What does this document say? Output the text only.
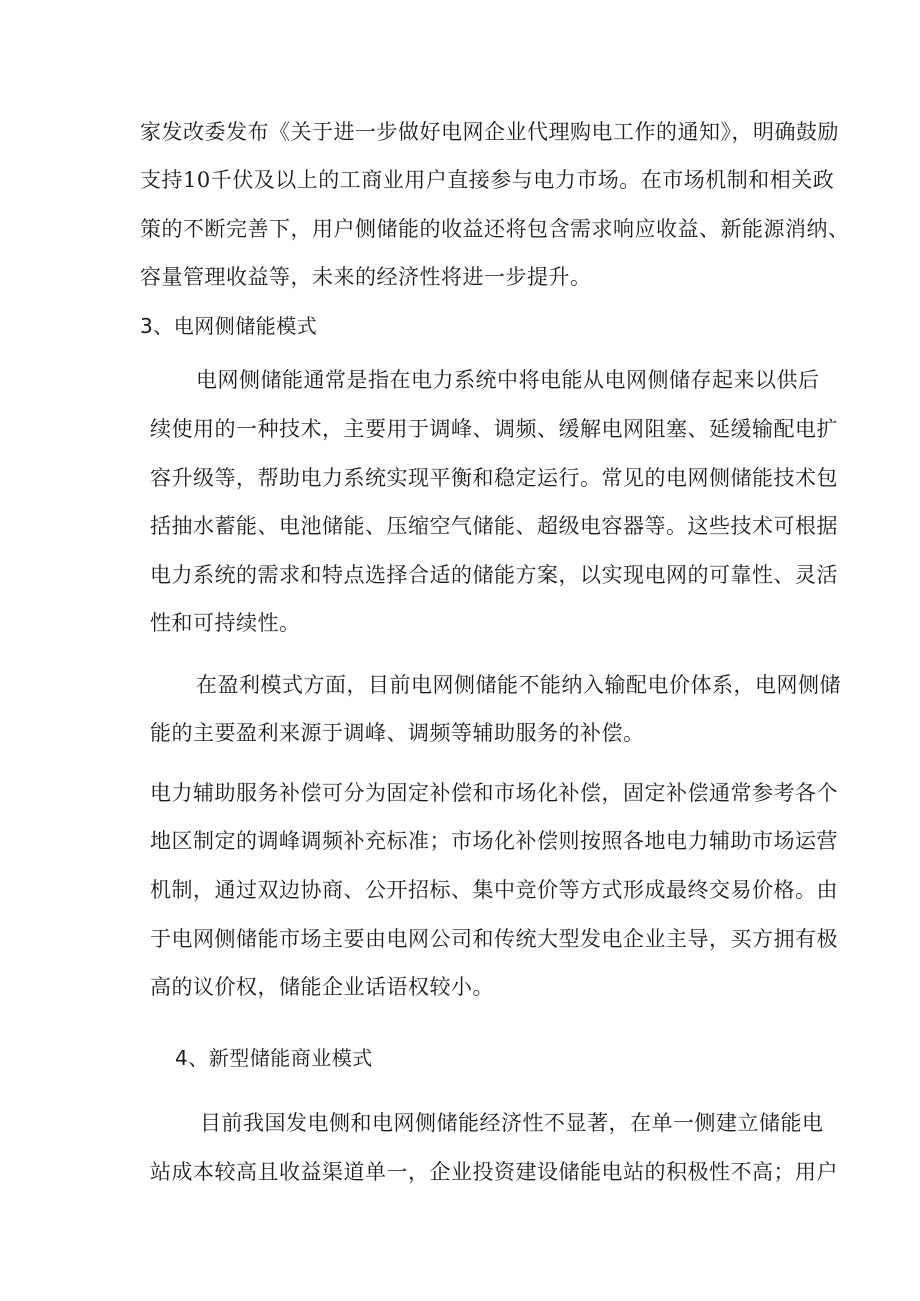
家发改委发布《关于进一步做好电网企业代理购电工作的通知》，明确鼓励
支持10千伏及以上的工商业用户直接参与电力市场。在市场机制和相关政
策的不断完善下，用户侧储能的收益还将包含需求响应收益、新能源消纳、
容量管理收益等，未来的经济性将进一步提升。
3、电网侧储能模式
电网侧储能通常是指在电力系统中将电能从电网侧储存起来以供后
续使用的一种技术，主要用于调峰、调频、缓解电网阻塞、延缓输配电扩
容升级等，帮助电力系统实现平衡和稳定运行。常见的电网侧储能技术包
括抽水蓄能、电池储能、压缩空气储能、超级电容器等。这些技术可根据
电力系统的需求和特点选择合适的储能方案，以实现电网的可靠性、灵活
性和可持续性。
在盈利模式方面，目前电网侧储能不能纳入输配电价体系，电网侧储
能的主要盈利来源于调峰、调频等辅助服务的补偿。
电力辅助服务补偿可分为固定补偿和市场化补偿，固定补偿通常参考各个
地区制定的调峰调频补充标准；市场化补偿则按照各地电力辅助市场运营
机制，通过双边协商、公开招标、集中竞价等方式形成最终交易价格。由
于电网侧储能市场主要由电网公司和传统大型发电企业主导，买方拥有极
高的议价权，储能企业话语权较小。
4、新型储能商业模式
目前我国发电侧和电网侧储能经济性不显著，在单一侧建立储能电
站成本较高且收益渠道单一，企业投资建设储能电站的积极性不高；用户
